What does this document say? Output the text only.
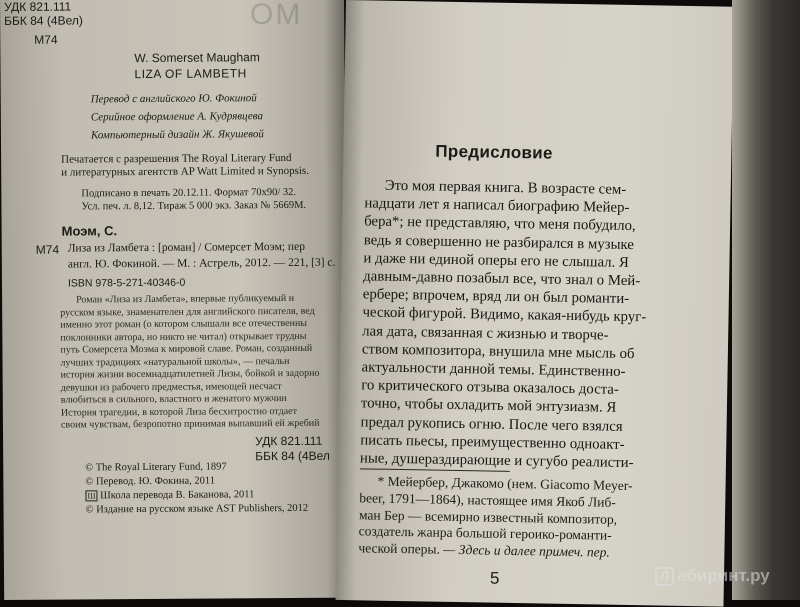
УДК 821.111
ББК 84 (4Вел)
М74
W. Somerset Maugham
LIZA OF LAMBETH
Перевод с английского Ю. Фокиной
Серийное оформление А. Кудрявцева
Компьютерный дизайн Ж. Якушевой
Печатается с разрешения The Royal Literary Fund
и литературных агентств AP Watt Limited и Synopsis.
Подписано в печать 20.12.11. Формат 70x90/ 32.
Усл. печ. л. 8,12. Тираж 5 000 экз. Заказ № 5669М.
Моэм, С.
М74 Лиза из Ламбета : [роман] / Сомерсет Моэм; пер
англ. Ю. Фокиной. — М. : Астрель, 2012. — 221, [3] с.
ISBN 978-5-271-40346-0
Роман «Лиза из Ламбета», впервые публикуемый н
русском языке, знаменателен для английского писателя, вед
именно этот роман (о котором слышали все отечественны
поклонники автора, но никто не читал) открывает трудны
путь Сомерсета Моэма к мировой славе. Роман, созданный
лучших традициях «натуральной школы», — печальн
история жизни восемнадцатилетней Лизы, бойкой и задорно
девушки из рабочего предместья, имеющей несчаст
влюбиться в сильного, властного и женатого мужчин
История трагедии, в которой Лиза бесхитростно отдает
своим чувствам, безропотно принимая выпавший ей жребий
УДК 821.111
ББК 84 (4Вел
© The Royal Literary Fund, 1897
© Перевод. Ю. Фокина, 2011
Ш Школа перевода В. Баканова, 2011
© Издание на русском языке AST Publishers, 2012
ОМ
Предисловие
Это моя первая книга. В возрасте сем-
надцати лет я написал биографию Мейер-
бера*; не представляю, что меня побудило,
ведь я совершенно не разбирался в музыке
и даже ни единой оперы его не слышал. Я
давным-давно позабыл все, что знал о Мей-
ербере; впрочем, вряд ли он был романти-
ческой фигурой. Видимо, какая-нибудь круг-
лая дата, связанная с жизнью и творче-
ством композитора, внушила мне мысль об
актуальности данной темы. Единственно-
го критического отзыва оказалось доста-
точно, чтобы охладить мой энтузиазм. Я
предал рукопись огню. После чего взялся
писать пьесы, преимущественно одноакт-
ные, душераздирающие и сугубо реалисти-
* Мейербер, Джакомо (нем. Giacomo Meyer-
beer, 1791—1864), настоящее имя Якоб Либ-
ман Бер — всемирно известный композитор,
создатель жанра большой героико-романти-
ческой оперы. — Здесь и далее примеч. пер.
5	Л абиринт.ру
